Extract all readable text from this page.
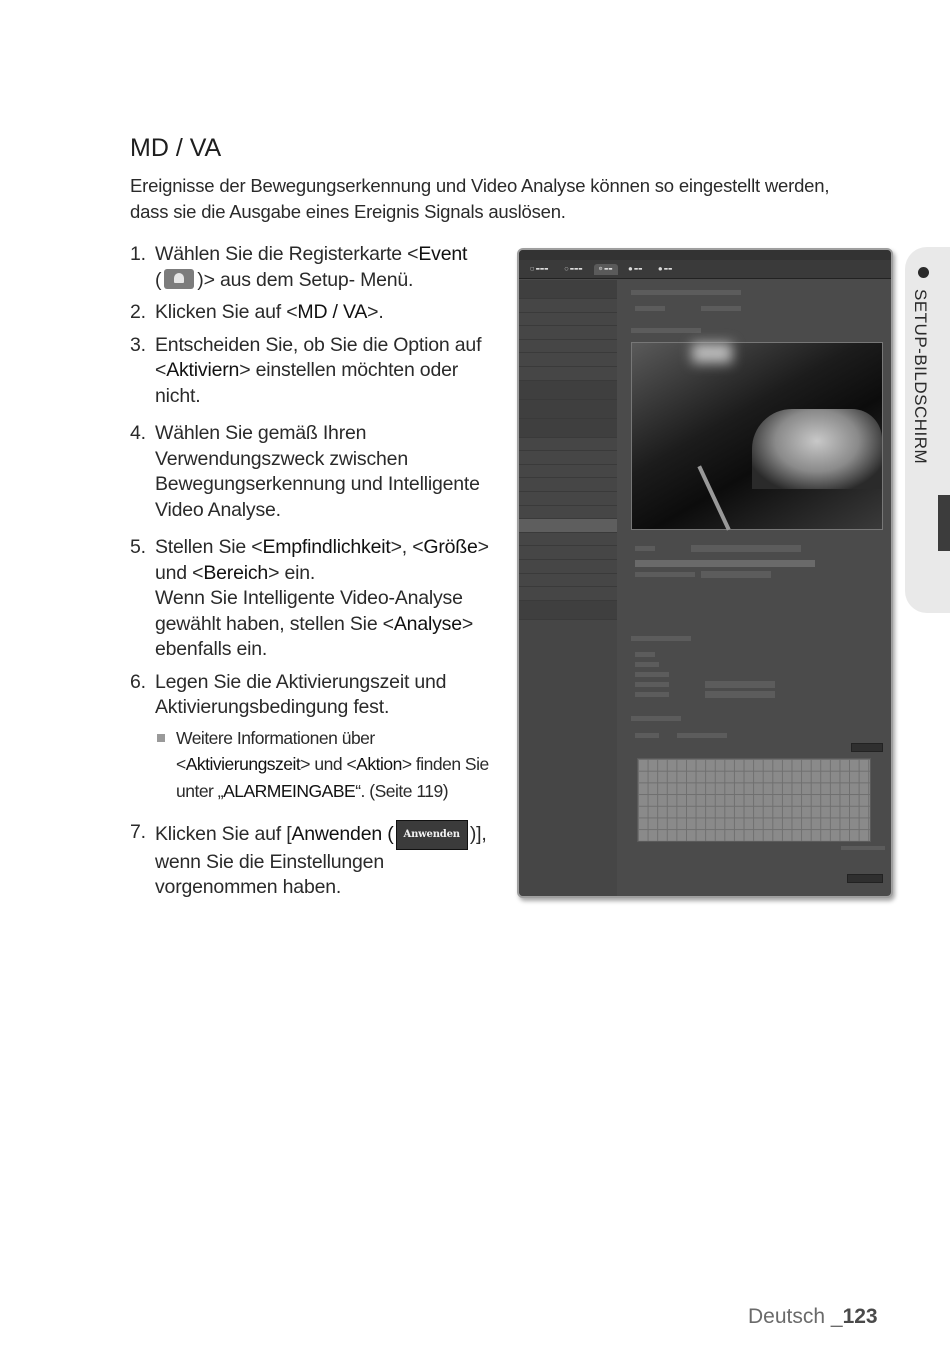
MD / VA
Ereignisse der Bewegungserkennung und Video Analyse können so eingestellt werden, dass sie die Ausgabe eines Ereignis Signals auslösen.
1. Wählen Sie die Registerkarte <Event
( )> aus dem Setup- Menü.
2. Klicken Sie auf <MD / VA>.
3. Entscheiden Sie, ob Sie die Option auf <Aktiviern> einstellen möchten oder nicht.
4. Wählen Sie gemäß Ihren Verwendungszweck zwischen Bewegungserkennung und Intelligente Video Analyse.
5. Stellen Sie <Empfindlichkeit>, <Größe> und <Bereich> ein.
Wenn Sie Intelligente Video-Analyse gewählt haben, stellen Sie <Analyse> ebenfalls ein.
6. Legen Sie die Aktivierungszeit und Aktivierungsbedingung fest.
Weitere Informationen über <Aktivierungszeit> und <Aktion> finden Sie unter „ALARMEINGABE“. (Seite 119)
7. Klicken Sie auf [Anwenden ( Anwenden )],
wenn Sie die Einstellungen vorgenommen haben.
SETUP-BILDSCHIRM
▢ ▬▬▬	○ ▬▬▬	⚙ ▬▬	● ▬▬	● ▬▬
Deutsch _123
